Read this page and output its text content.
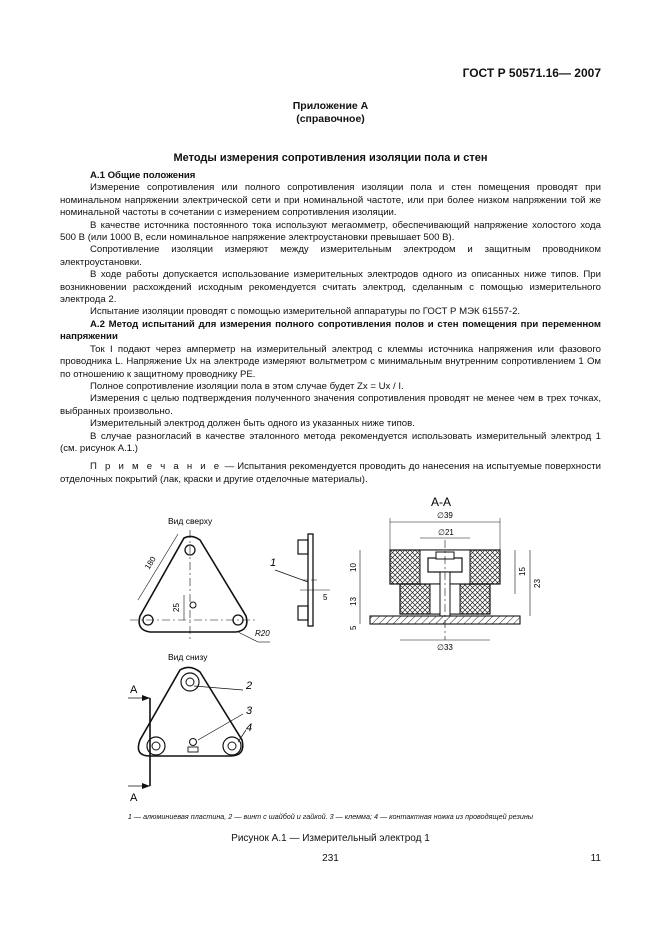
ГОСТ Р 50571.16— 2007
Приложение А
(справочное)
Методы измерения сопротивления изоляции пола и стен

А.1 Общие положения

Измерение сопротивления или полного сопротивления изоляции пола и стен помещения проводят при номинальном напряжении электрической сети и при номинальной частоте, или при более низком напряжении той же номинальной частоты в сочетании с измерением сопротивления изоляции.

В качестве источника постоянного тока используют мегаомметр, обеспечивающий напряжение холостого хода 500 В (или 1000 В, если номинальное напряжение электроустановки превышает 500 В).

Сопротивление изоляции измеряют между измерительным электродом и защитным проводником электроустановки.

В ходе работы допускается использование измерительных электродов одного из описанных ниже типов. При возникновении расхождений исходным рекомендуется считать электрод, сделанным с помощью измерительного электрода 2.

Испытание изоляции проводят с помощью измерительной аппаратуры по ГОСТ Р МЭК 61557-2.

А.2 Метод испытаний для измерения полного сопротивления полов и стен помещения при переменном напряжении

Ток I подают через амперметр на измерительный электрод с клеммы источника напряжения или фазового проводника L. Напряжение Ux на электроде измеряют вольтметром с минимальным внутренним сопротивлением 1 Ом по отношению к защитному проводнику PE.

Полное сопротивление изоляции пола в этом случае будет Zx = Ux / I.

Измерения с целью подтверждения полученного значения сопротивления проводят не менее чем в трех точках, выбранных произвольно.

Измерительный электрод должен быть одного из указанных ниже типов.

В случае разногласий в качестве эталонного метода рекомендуется использовать измерительный электрод 1 (см. рисунок А.1.)

П р и м е ч а н и е — Испытания рекомендуется проводить до нанесения на испытуемые поверхности отделочных покрытий (лак, краски и другие отделочные материалы).

Вид сверху
25
180
R20
1
5
А-А
∅39
∅21
10
13
5
15
23
∅33
Вид снизу
2
3
4
А
А
1 — алюминиевая пластина, 2 — винт с шайбой и гайкой. 3 — клемма; 4 — контактная ножка из проводящей резины
Рисунок А.1 — Измерительный электрод 1
231	11
